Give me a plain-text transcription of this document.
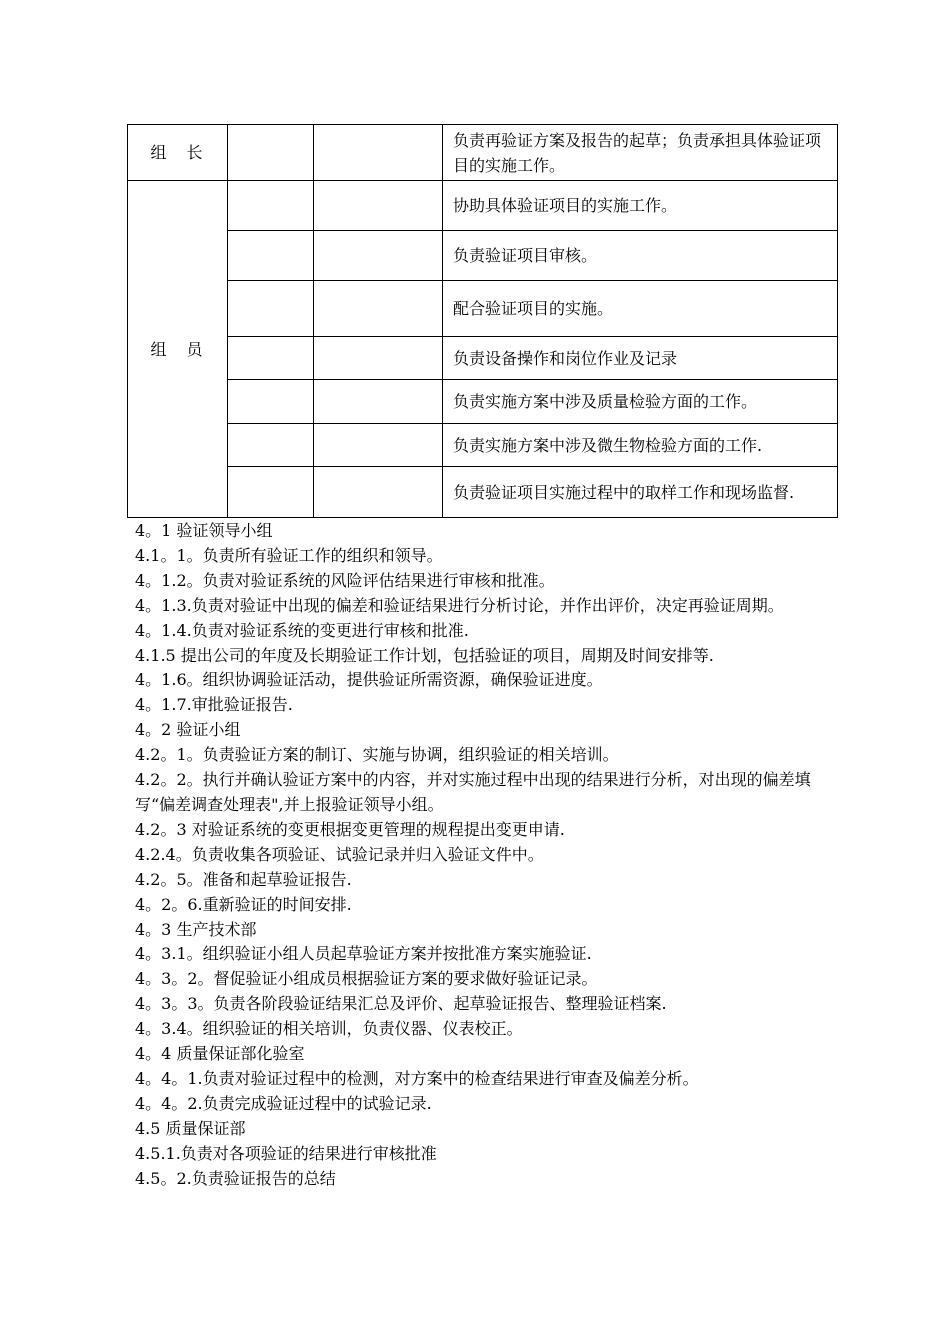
组　长			负责再验证方案及报告的起草；负责承担具体验证项目的实施工作。
组　员			协助具体验证项目的实施工作。
			负责验证项目审核。
			配合验证项目的实施。
			负责设备操作和岗位作业及记录
			负责实施方案中涉及质量检验方面的工作。
			负责实施方案中涉及微生物检验方面的工作.
			负责验证项目实施过程中的取样工作和现场监督.

4。1 验证领导小组

4.1。1。负责所有验证工作的组织和领导。

4。1.2。负责对验证系统的风险评估结果进行审核和批准。

4。1.3.负责对验证中出现的偏差和验证结果进行分析讨论，并作出评价，决定再验证周期。

4。1.4.负责对验证系统的变更进行审核和批准.

4.1.5 提出公司的年度及长期验证工作计划，包括验证的项目，周期及时间安排等.

4。1.6。组织协调验证活动，提供验证所需资源，确保验证进度。

4。1.7.审批验证报告.

4。2 验证小组

4.2。1。负责验证方案的制订、实施与协调，组织验证的相关培训。

4.2。2。执行并确认验证方案中的内容，并对实施过程中出现的结果进行分析，对出现的偏差填写“偏差调查处理表",并上报验证领导小组。

4.2。3 对验证系统的变更根据变更管理的规程提出变更申请.

4.2.4。负责收集各项验证、试验记录并归入验证文件中。

4.2。5。准备和起草验证报告.

4。2。6.重新验证的时间安排.

4。3 生产技术部

4。3.1。组织验证小组人员起草验证方案并按批准方案实施验证.

4。3。2。督促验证小组成员根据验证方案的要求做好验证记录。

4。3。3。负责各阶段验证结果汇总及评价、起草验证报告、整理验证档案.

4。3.4。组织验证的相关培训，负责仪器、仪表校正。

4。4 质量保证部化验室

4。4。1.负责对验证过程中的检测，对方案中的检查结果进行审查及偏差分析。

4。4。2.负责完成验证过程中的试验记录.

4.5 质量保证部

4.5.1.负责对各项验证的结果进行审核批准

4.5。2.负责验证报告的总结
